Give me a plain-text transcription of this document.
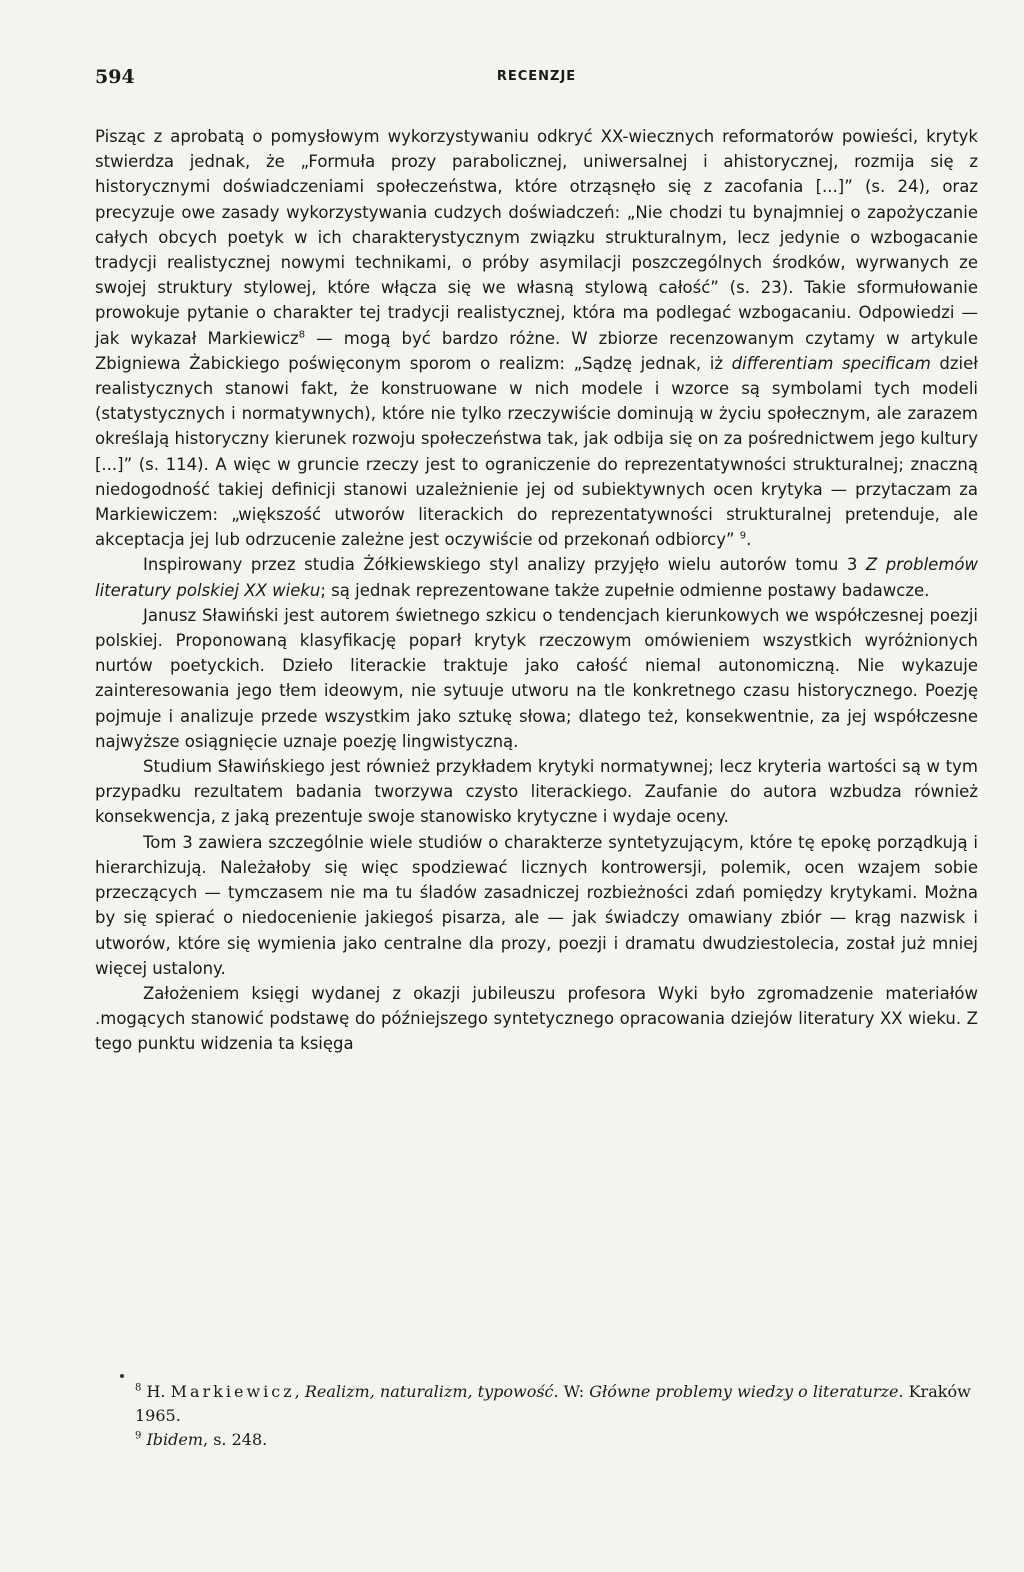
594	RECENZJE

Pisząc z aprobatą o pomysłowym wykorzystywaniu odkryć XX-wiecznych reformatorów powieści, krytyk stwierdza jednak, że „Formuła prozy parabolicznej, uniwersalnej i ahistorycznej, rozmija się z historycznymi doświadczeniami społeczeństwa, które otrząsnęło się z zacofania [...]” (s. 24), oraz precyzuje owe zasady wykorzystywania cudzych doświadczeń: „Nie chodzi tu bynajmniej o zapożyczanie całych obcych poetyk w ich charakterystycznym związku strukturalnym, lecz jedynie o wzbogacanie tradycji realistycznej nowymi technikami, o próby asymilacji poszczególnych środków, wyrwanych ze swojej struktury stylowej, które włącza się we własną stylową całość” (s. 23). Takie sformułowanie prowokuje pytanie o charakter tej tradycji realistycznej, która ma podlegać wzbogacaniu. Odpowiedzi — jak wykazał Markiewicz$^8$ — mogą być bardzo różne. W zbiorze recenzowanym czytamy w artykule Zbigniewa Żabickiego poświęconym sporom o realizm: „Sądzę jednak, iż differentiam specificam dzieł realistycznych stanowi fakt, że konstruowane w nich modele i wzorce są symbolami tych modeli (statystycznych i normatywnych), które nie tylko rzeczywiście dominują w życiu społecznym, ale zarazem określają historyczny kierunek rozwoju społeczeństwa tak, jak odbija się on za pośrednictwem jego kultury [...]” (s. 114). A więc w gruncie rzeczy jest to ograniczenie do reprezentatywności strukturalnej; znaczną niedogodność takiej definicji stanowi uzależnienie jej od subiektywnych ocen krytyka — przytaczam za Markiewiczem: „większość utworów literackich do reprezentatywności strukturalnej pretenduje, ale akceptacja jej lub odrzucenie zależne jest oczywiście od przekonań odbiorcy” $^9$.

Inspirowany przez studia Żółkiewskiego styl analizy przyjęło wielu autorów tomu 3 Z problemów literatury polskiej XX wieku; są jednak reprezentowane także zupełnie odmienne postawy badawcze.

Janusz Sławiński jest autorem świetnego szkicu o tendencjach kierunkowych we współczesnej poezji polskiej. Proponowaną klasyfikację poparł krytyk rzeczowym omówieniem wszystkich wyróżnionych nurtów poetyckich. Dzieło literackie traktuje jako całość niemal autonomiczną. Nie wykazuje zainteresowania jego tłem ideowym, nie sytuuje utworu na tle konkretnego czasu historycznego. Poezję pojmuje i analizuje przede wszystkim jako sztukę słowa; dlatego też, konsekwentnie, za jej współczesne najwyższe osiągnięcie uznaje poezję lingwistyczną.

Studium Sławińskiego jest również przykładem krytyki normatywnej; lecz kryteria wartości są w tym przypadku rezultatem badania tworzywa czysto literackiego. Zaufanie do autora wzbudza również konsekwencja, z jaką prezentuje swoje stanowisko krytyczne i wydaje oceny.

Tom 3 zawiera szczególnie wiele studiów o charakterze syntetyzującym, które tę epokę porządkują i hierarchizują. Należałoby się więc spodziewać licznych kontrowersji, polemik, ocen wzajem sobie przeczących — tymczasem nie ma tu śladów zasadniczej rozbieżności zdań pomiędzy krytykami. Można by się spierać o niedocenienie jakiegoś pisarza, ale — jak świadczy omawiany zbiór — krąg nazwisk i utworów, które się wymienia jako centralne dla prozy, poezji i dramatu dwudziestolecia, został już mniej więcej ustalony.

Założeniem księgi wydanej z okazji jubileuszu profesora Wyki było zgromadzenie materiałów .mogących stanowić podstawę do późniejszego syntetycznego opracowania dziejów literatury XX wieku. Z tego punktu widzenia ta księga

$^8$ H. Markiewicz, Realizm, naturalizm, typowość. W: Główne problemy wiedzy o literaturze. Kraków 1965.

$^9$ Ibidem, s. 248.
